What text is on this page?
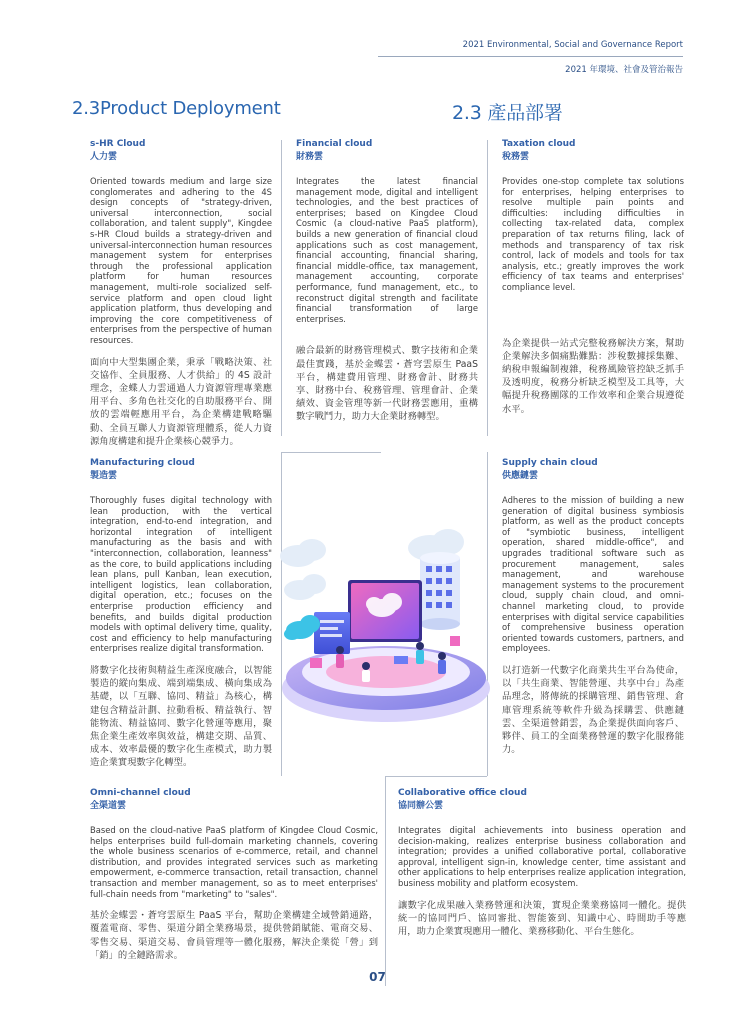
2021 Environmental, Social and Governance Report
2021 年環境、社會及管治報告
2.3Product Deployment	2.3 產品部署
s-HR Cloud
人力雲

Oriented towards medium and large size conglomerates and adhering to the 4S design concepts of "strategy-driven, universal interconnection, social collaboration, and talent supply", Kingdee s-HR Cloud builds a strategy-driven and universal-interconnection human resources management system for enterprises through the professional application platform for human resources management, multi-role socialized self-service platform and open cloud light application platform, thus developing and improving the core competitiveness of enterprises from the perspective of human resources.

面向中大型集團企業，秉承「戰略決策、社交協作、全員服務、人才供給」的 4S 設計理念，金蝶人力雲通過人力資源管理專業應用平台、多角色社交化的自助服務平台、開放的雲端輕應用平台，為企業構建戰略驅動、全員互聯人力資源管理體系，從人力資源角度構建和提升企業核心競爭力。

Financial cloud
財務雲

Integrates the latest financial management mode, digital and intelligent technologies, and the best practices of enterprises; based on Kingdee Cloud Cosmic (a cloud-native PaaS platform), builds a new generation of financial cloud applications such as cost management, financial accounting, financial sharing, financial middle-office, tax management, management accounting, corporate performance, fund management, etc., to reconstruct digital strength and facilitate financial transformation of large enterprises.

融合最新的財務管理模式、數字技術和企業最佳實踐，基於金蝶雲・蒼穹雲原生 PaaS 平台，構建費用管理、財務會計、財務共享、財務中台、稅務管理、管理會計、企業績效、資金管理等新一代財務雲應用，重構數字戰鬥力，助力大企業財務轉型。

Taxation cloud
稅務雲

Provides one-stop complete tax solutions for enterprises, helping enterprises to resolve multiple pain points and difficulties: including difficulties in collecting tax-related data, complex preparation of tax returns filing, lack of methods and transparency of tax risk control, lack of models and tools for tax analysis, etc.; greatly improves the work efficiency of tax teams and enterprises' compliance level.

為企業提供一站式完整稅務解決方案，幫助企業解決多個痛點難點：涉稅數據採集難、納稅申報編制複雜，稅務風險管控缺乏抓手及透明度，稅務分析缺乏模型及工具等，大幅提升稅務團隊的工作效率和企業合規遵從水平。

Manufacturing cloud
製造雲

Thoroughly fuses digital technology with lean production, with the vertical integration, end-to-end integration, and horizontal integration of intelligent manufacturing as the basis and with "interconnection, collaboration, leanness" as the core, to build applications including lean plans, pull Kanban, lean execution, intelligent logistics, lean collaboration, digital operation, etc.; focuses on the enterprise production efficiency and benefits, and builds digital production models with optimal delivery time, quality, cost and efficiency to help manufacturing enterprises realize digital transformation.

將數字化技術與精益生產深度融合，以智能製造的縱向集成、端到端集成、橫向集成為基礎，以「互聯、協同、精益」為核心，構建包含精益計劃、拉動看板、精益執行、智能物流、精益協同、數字化營運等應用，聚焦企業生產效率與效益，構建交期、品質、成本、效率最優的數字化生產模式，助力製造企業實現數字化轉型。

Supply chain cloud
供應鏈雲

Adheres to the mission of building a new generation of digital business symbiosis platform, as well as the product concepts of "symbiotic business, intelligent operation, shared middle-office", and upgrades traditional software such as procurement management, sales management, and warehouse management systems to the procurement cloud, supply chain cloud, and omni-channel marketing cloud, to provide enterprises with digital service capabilities of comprehensive business operation oriented towards customers, partners, and employees.

以打造新一代數字化商業共生平台為使命，以「共生商業、智能營運、共享中台」為產品理念，將傳統的採購管理、銷售管理、倉庫管理系統等軟件升級為採購雲、供應鏈雲、全渠道營銷雲，為企業提供面向客戶、夥伴、員工的全面業務營運的數字化服務能力。

Omni-channel cloud
全渠道雲

Based on the cloud-native PaaS platform of Kingdee Cloud Cosmic, helps enterprises build full-domain marketing channels, covering the whole business scenarios of e-commerce, retail, and channel distribution, and provides integrated services such as marketing empowerment, e-commerce transaction, retail transaction, channel transaction and member management, so as to meet enterprises' full-chain needs from "marketing" to "sales".

基於金蝶雲・蒼穹雲原生 PaaS 平台，幫助企業構建全域營銷通路，覆蓋電商、零售、渠道分銷全業務場景，提供營銷賦能、電商交易、零售交易、渠道交易、會員管理等一體化服務，解決企業從「營」到「銷」的全鏈路需求。

Collaborative office cloud
協同辦公雲

Integrates digital achievements into business operation and decision-making, realizes enterprise business collaboration and integration; provides a unified collaborative portal, collaborative approval, intelligent sign-in, knowledge center, time assistant and other applications to help enterprises realize application integration, business mobility and platform ecosystem.

讓數字化成果融入業務營運和決策，實現企業業務協同一體化。提供統一的協同門戶、協同審批、智能簽到、知識中心、時間助手等應用，助力企業實現應用一體化、業務移動化、平台生態化。

07
